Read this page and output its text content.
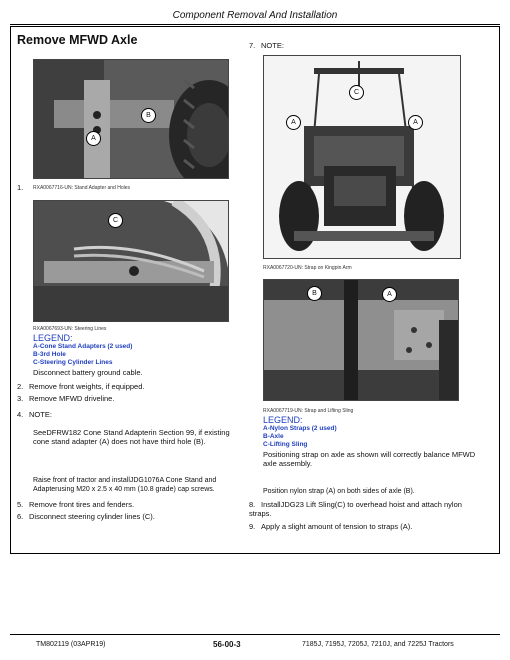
Component Removal And Installation
Remove MFWD Axle
B
A
1. RXA0067716-UN: Stand Adapter and Holes
C
RXA0067693-UN: Steering Lines
LEGEND:
A-Cone Stand Adapters (2 used)
B-3rd Hole
C-Steering Cylinder Lines
Disconnect battery ground cable.
2. Remove front weights, if equipped.
3. Remove MFWD driveline.
4. NOTE:
SeeDFRW182 Cone Stand Adapterin Section 99, if existing cone stand adapter (A) does not have third hole (B).
Raise front of tractor and installJDG1076A Cone Stand and Adapterusing M20 x 2.5 x 40 mm (10.8 grade) cap screws.
5. Remove front tires and fenders.
6. Disconnect steering cylinder lines (C).
7. NOTE:
C
A	A
RXA0067720-UN: Strap on Kingpin Arm
B	A
RXA0067719-UN: Strap and Lifting Sling
LEGEND:
A-Nylon Straps (2 used)
B-Axle
C-Lifting Sling
Positioning strap on axle as shown will correctly balance MFWD axle assembly.
Position nylon strap (A) on both sides of axle (B).
8. InstallJDG23 Lift Sling(C) to overhead hoist and attach nylon straps.
9. Apply a slight amount of tension to straps (A).
TM802119 (03APR19)	56-00-3	7185J, 7195J, 7205J, 7210J, and 7225J Tractors
